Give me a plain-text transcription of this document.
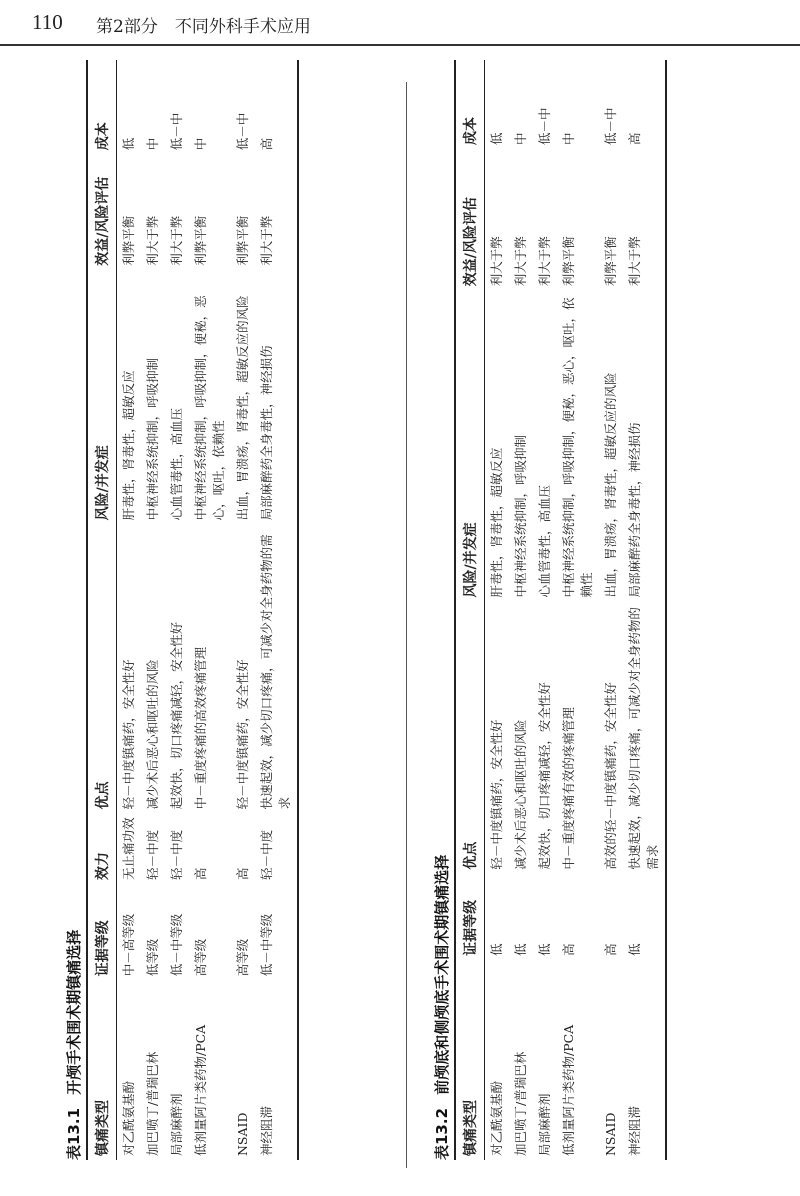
110 第2部分　不同外科手术应用
表13.1 开颅手术围术期镇痛选择
镇痛类型	证据等级	效力	优点	风险/并发症	效益/风险评估	成本
对乙酰氨基酚	中－高等级	无止痛功效	轻－中度镇痛药，安全性好	肝毒性，肾毒性，超敏反应	利弊平衡	低
加巴喷丁/普瑞巴林	低等级	轻－中度	减少术后恶心和呕吐的风险	中枢神经系统抑制，呼吸抑制	利大于弊	中
局部麻醉剂	低－中等级	轻－中度	起效快，切口疼痛减轻，安全性好	心血管毒性，高血压	利大于弊	低－中
低剂量阿片类药物/PCA	高等级	高	中－重度疼痛的高效疼痛管理	中枢神经系统抑制，呼吸抑制，便秘，恶心，呕吐，依赖性	利弊平衡	中
NSAID	高等级	高	轻－中度镇痛药，安全性好	出血，胃溃疡，肾毒性，超敏反应的风险	利弊平衡	低－中
神经阻滞	低－中等级	轻－中度	快速起效，减少切口疼痛，可减少对全身药物的需求	局部麻醉药全身毒性，神经损伤	利大于弊	高
表13.2 前颅底和侧颅底手术围术期镇痛选择
镇痛类型	证据等级	优点	风险/并发症	效益/风险评估	成本
对乙酰氨基酚	低	轻－中度镇痛药，安全性好	肝毒性，肾毒性，超敏反应	利大于弊	低
加巴喷丁/普瑞巴林	低	减少术后恶心和呕吐的风险	中枢神经系统抑制，呼吸抑制	利大于弊	中
局部麻醉剂	低	起效快，切口疼痛减轻，安全性好	心血管毒性，高血压	利大于弊	低－中
低剂量阿片类药物/PCA	高	中－重度疼痛有效的疼痛管理	中枢神经系统抑制，呼吸抑制，便秘，恶心，呕吐，依赖性	利弊平衡	中
NSAID	高	高效的轻－中度镇痛药，安全性好	出血，胃溃疡，肾毒性，超敏反应的风险	利弊平衡	低－中
神经阻滞	低	快速起效，减少切口疼痛，可减少对全身药物的需求	局部麻醉药全身毒性，神经损伤	利大于弊	高
